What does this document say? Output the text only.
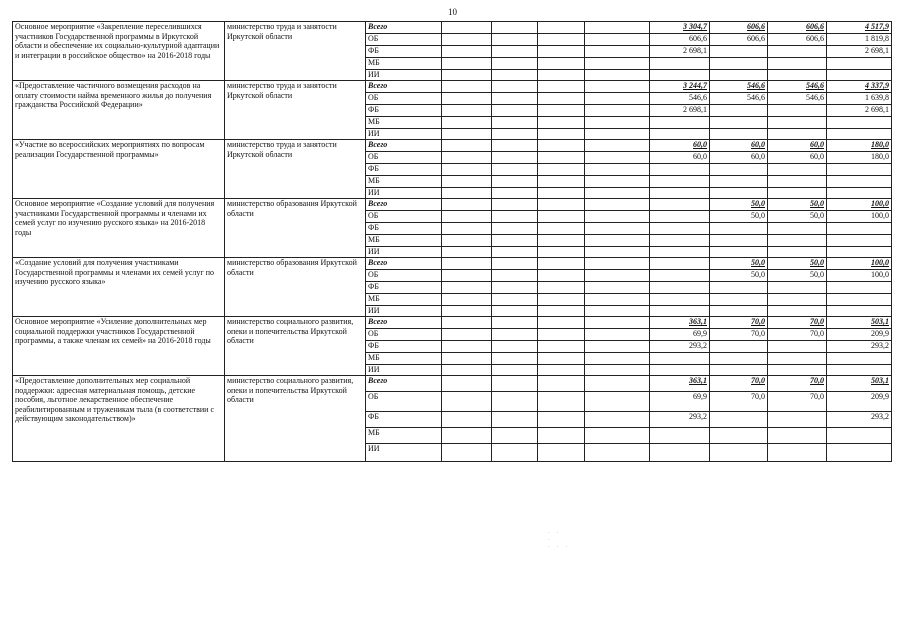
10
Основное мероприятие «Закрепление переселившихся участников Государственной программы в Иркутской области и обеспечение их социально-культурной адаптации и интеграции в российское общество» на 2016-2018 годы	министерство труда и занятости Иркутской области	Всего					3 304,7	606,6	606,6	4 517,9
		ОБ					606,6	606,6	606,6	1 819,8
		ФБ					2 698,1			2 698,1
		МБ								
		ИИ								
«Предоставление частичного возмещения расходов на оплату стоимости найма временного жилья до получения гражданства Российской Федерации»	министерство труда и занятости Иркутской области	Всего					3 244,7	546,6	546,6	4 337,9
		ОБ					546,6	546,6	546,6	1 639,8
		ФБ					2 698,1			2 698,1
		МБ								
		ИИ								
«Участие во всероссийских мероприятиях по вопросам реализации Государственной программы»	министерство труда и занятости Иркутской области	Всего					60,0	60,0	60,0	180,0
		ОБ					60,0	60,0	60,0	180,0
		ФБ								
		МБ								
		ИИ								
Основное мероприятие «Создание условий для получения участниками Государственной программы и членами их семей услуг по изучению русского языка» на 2016-2018 годы	министерство образования Иркутской области	Всего						50,0	50,0	100,0
		ОБ						50,0	50,0	100,0
		ФБ								
		МБ								
		ИИ								
«Создание условий для получения участниками Государственной программы и членами их семей услуг по изучению русского языка»	министерство образования Иркутской области	Всего						50,0	50,0	100,0
		ОБ						50,0	50,0	100,0
		ФБ								
		МБ								
		ИИ								
Основное мероприятие «Усиление дополнительных мер социальной поддержки участников Государственной программы, а также членам их семей» на 2016-2018 годы	министерство социального развития, опеки и попечительства Иркутской области	Всего					363,1	70,0	70,0	503,1
		ОБ					69,9	70,0	70,0	209,9
		ФБ					293,2			293,2
		МБ								
		ИИ								
«Предоставление дополнительных мер социальной поддержки: адресная материальная помощь, детские пособия, льготное лекарственное обеспечение реабилитированным и труженикам тыла (в соответствии с действующим законодательством)»	министерство социального развития, опеки и попечительства Иркутской области	Всего					363,1	70,0	70,0	503,1
		ОБ					69,9	70,0	70,0	209,9
		ФБ					293,2			293,2
		МБ								
		ИИ								
· ·
·
· · ·
